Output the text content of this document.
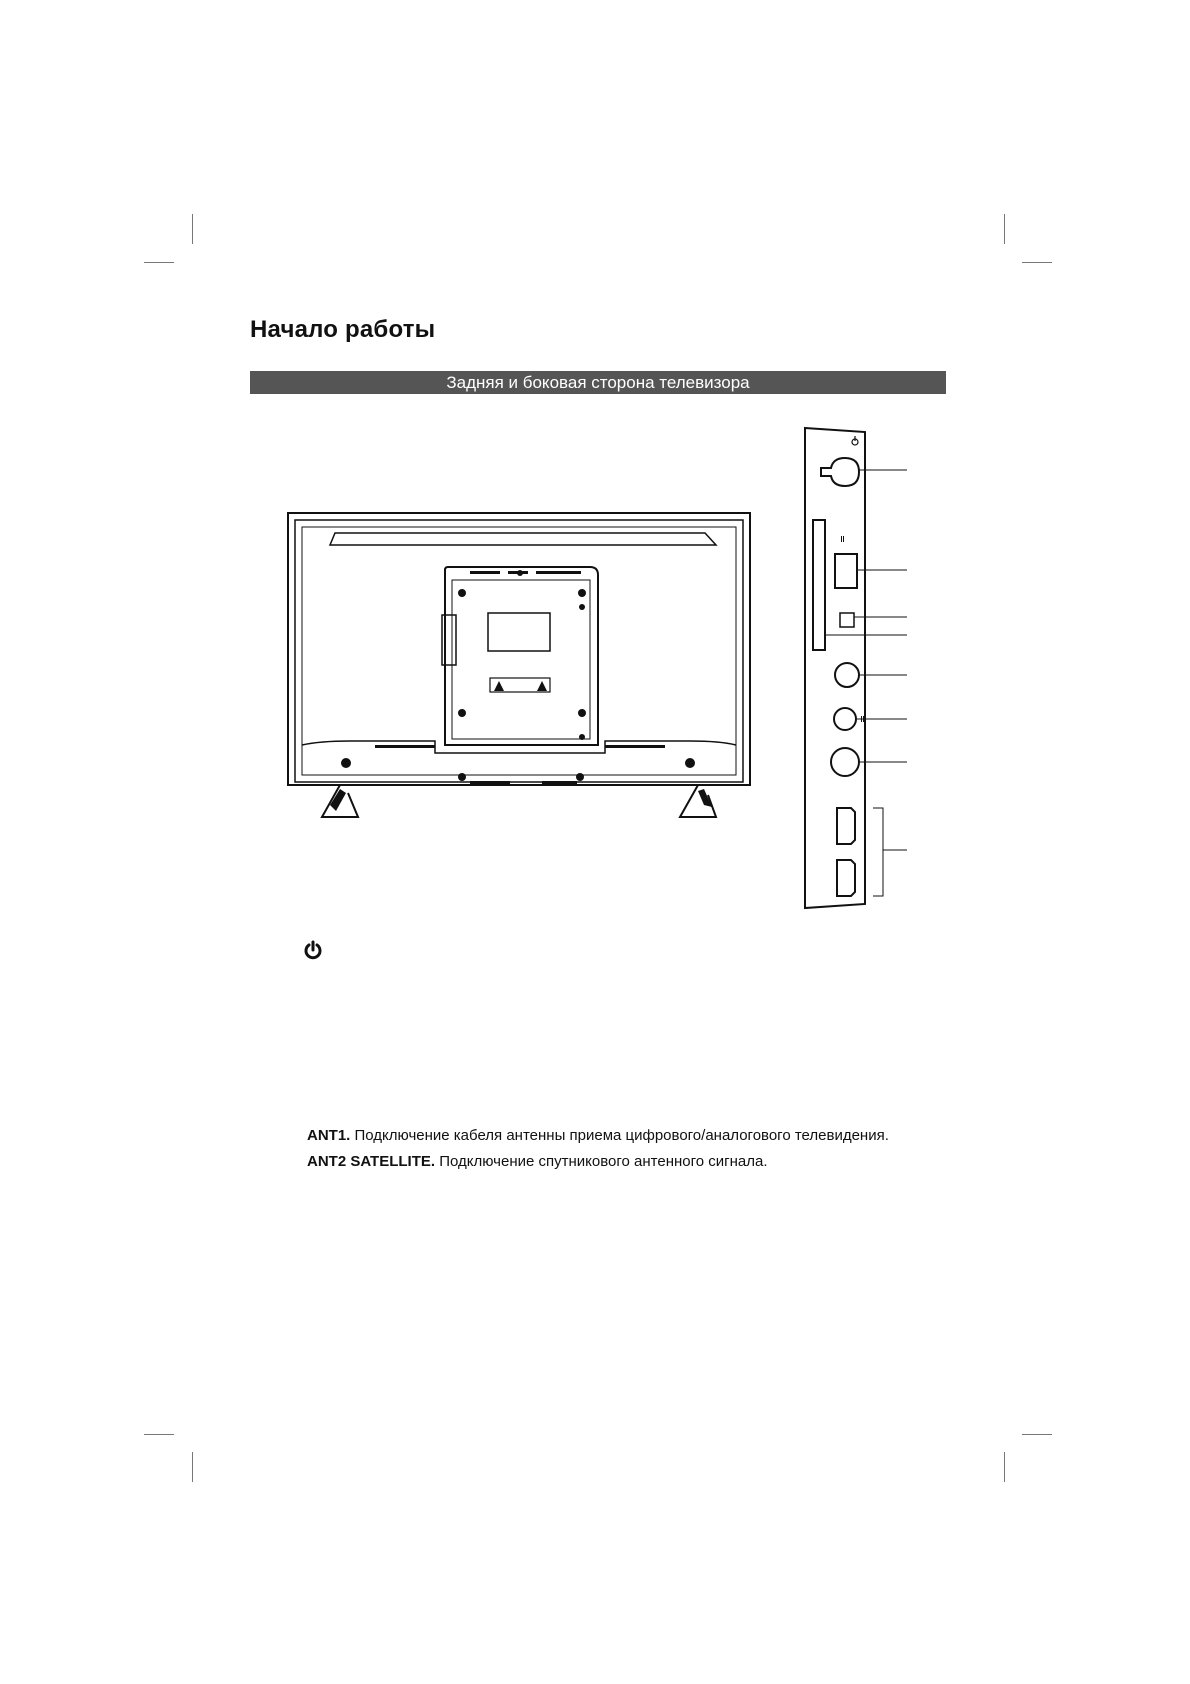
Начало работы
Задняя и боковая сторона телевизора
ANT1. Подключение кабеля антенны приема цифрового/аналогового телевидения.
ANT2 SATELLITE. Подключение спутникового антенного сигнала.
